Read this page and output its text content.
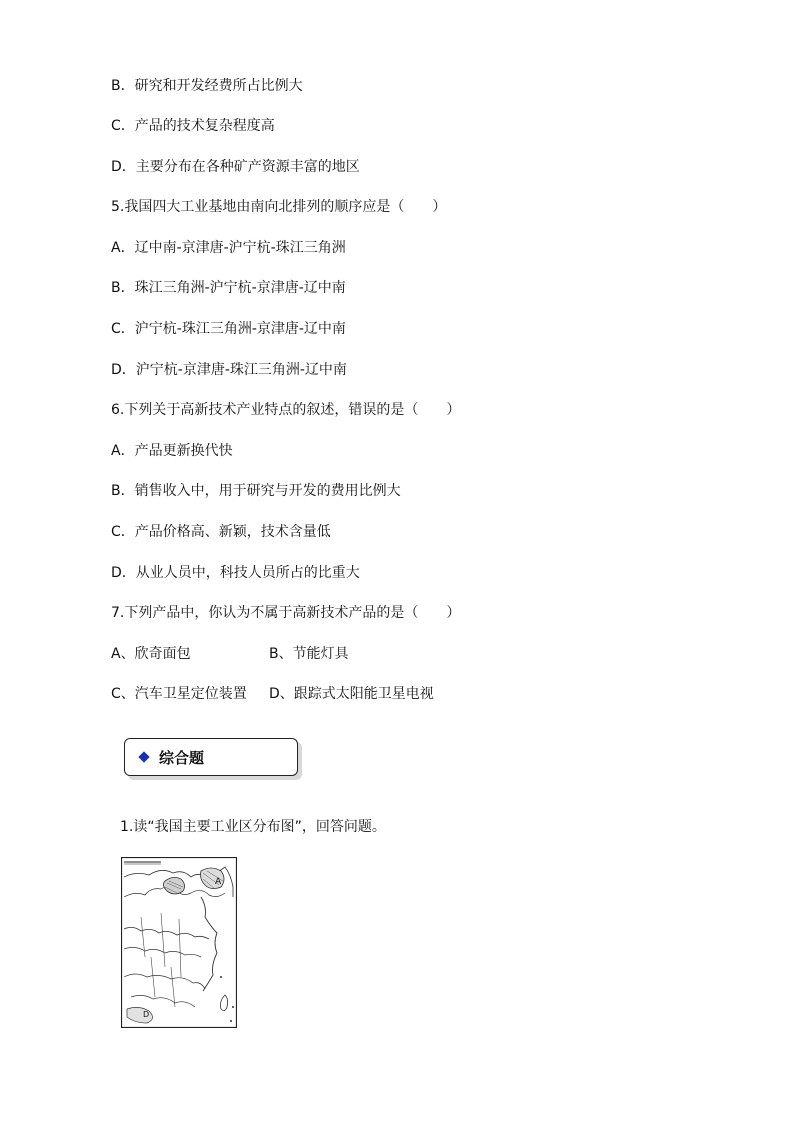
B．研究和开发经费所占比例大
C．产品的技术复杂程度高
D．主要分布在各种矿产资源丰富的地区
5.我国四大工业基地由南向北排列的顺序应是（　　）
A．辽中南-京津唐-沪宁杭-珠江三角洲
B．珠江三角洲-沪宁杭-京津唐-辽中南
C．沪宁杭-珠江三角洲-京津唐-辽中南
D．沪宁杭-京津唐-珠江三角洲-辽中南
6.下列关于高新技术产业特点的叙述，错误的是（　　）
A．产品更新换代快
B．销售收入中，用于研究与开发的费用比例大
C．产品价格高、新颖，技术含量低
D．从业人员中，科技人员所占的比重大
7.下列产品中，你认为不属于高新技术产品的是（　　）
A、欣奇面包	B、节能灯具
C、汽车卫星定位装置 D、跟踪式太阳能卫星电视
综合题
1.读“我国主要工业区分布图”，回答问题。
A
D
